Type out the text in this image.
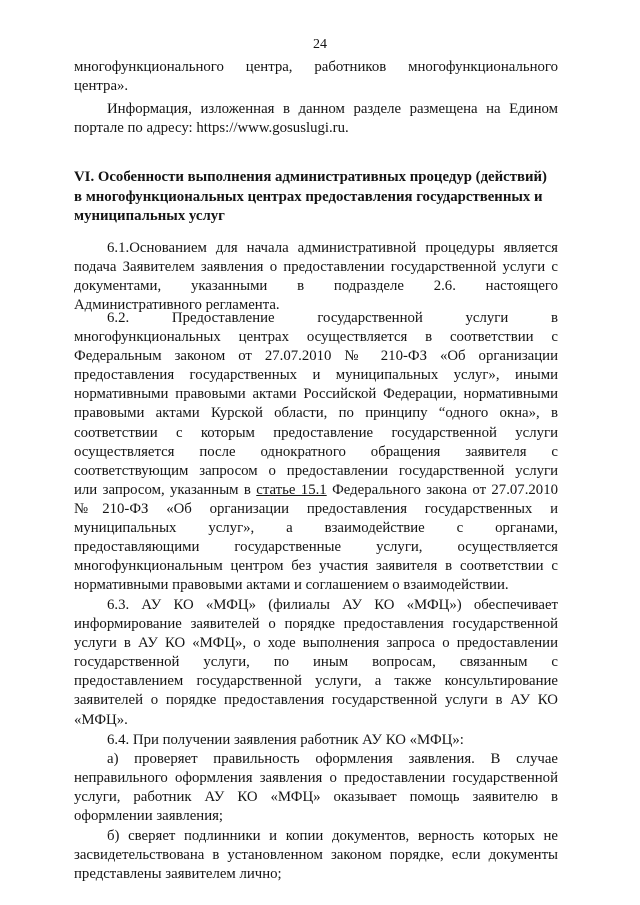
24
многофункционального центра, работников многофункционального
центра».
Информация, изложенная в данном разделе размещена на Едином
портале по адресу: https://www.gosuslugi.ru.
VI. Особенности выполнения административных процедур (действий)
в многофункциональных центрах предоставления государственных и
муниципальных услуг
6.1.Основанием для начала административной процедуры является
подача Заявителем заявления о предоставлении государственной услуги с
документами, указанными в подразделе 2.6. настоящего
Административного регламента.
6.2. Предоставление государственной услуги в
многофункциональных центрах осуществляется в соответствии с
Федеральным законом от 27.07.2010 № 210-ФЗ «Об организации
предоставления государственных и муниципальных услуг», иными
нормативными правовыми актами Российской Федерации, нормативными
правовыми актами Курской области, по принципу “одного окна», в
соответствии с которым предоставление государственной услуги
осуществляется после однократного обращения заявителя с
соответствующим запросом о предоставлении государственной услуги
или запросом, указанным в статье 15.1 Федерального закона от 27.07.2010
№210-ФЗ «Об организации предоставления государственных и
муниципальных услуг», а взаимодействие с органами,
предоставляющими государственные услуги, осуществляется
многофункциональным центром без участия заявителя в соответствии с
нормативными правовыми актами и соглашением о взаимодействии.
6.3. АУ КО «МФЦ» (филиалы АУ КО «МФЦ») обеспечивает
информирование заявителей о порядке предоставления государственной
услуги в АУ КО «МФЦ», о ходе выполнения запроса о предоставлении
государственной услуги, по иным вопросам, связанным с
предоставлением государственной услуги, а также консультирование
заявителей о порядке предоставления государственной услуги в АУ КО
«МФЦ».
6.4. При получении заявления работник АУ КО «МФЦ»:
а) проверяет правильность оформления заявления. В случае
неправильного оформления заявления о предоставлении государственной
услуги, работник АУ КО «МФЦ» оказывает помощь заявителю в
оформлении заявления;
б) сверяет подлинники и копии документов, верность которых не
засвидетельствована в установленном законом порядке, если документы
представлены заявителем лично;
